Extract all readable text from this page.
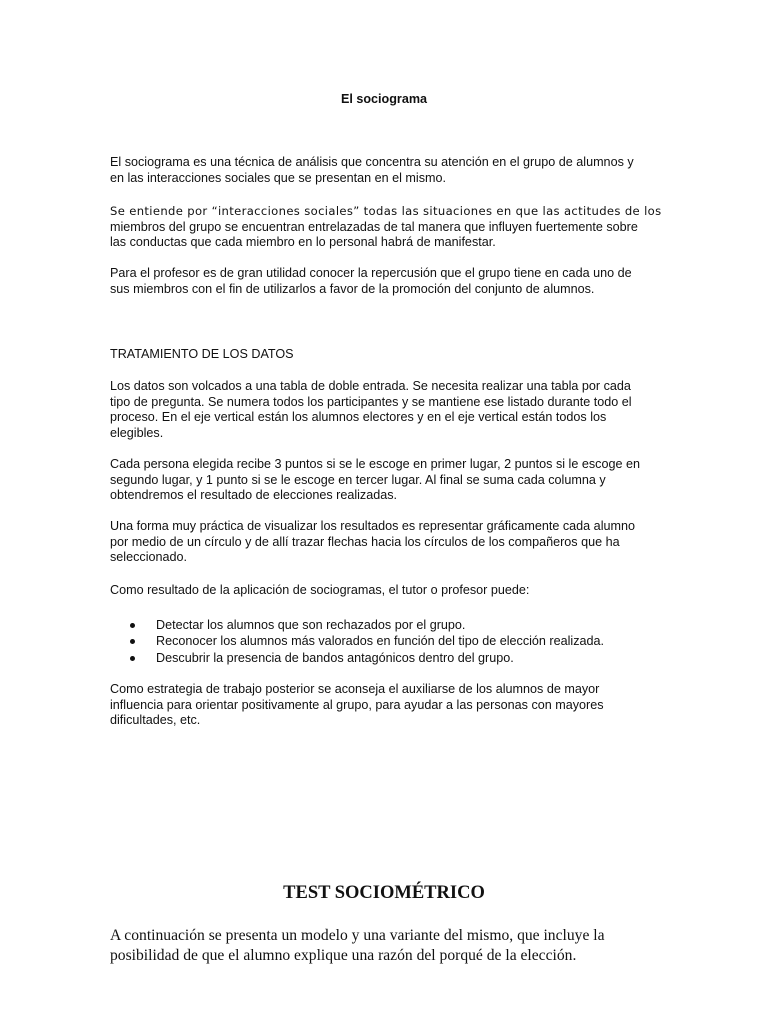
El sociograma

El sociograma es una técnica de análisis que concentra su atención en el grupo de alumnos y
en las interacciones sociales que se presentan en el mismo.

Se entiende por “interacciones sociales” todas las situaciones en que las actitudes de los
miembros del grupo se encuentran entrelazadas de tal manera que influyen fuertemente sobre
las conductas que cada miembro en lo personal habrá de manifestar.

Para el profesor es de gran utilidad conocer la repercusión que el grupo tiene en cada uno de
sus miembros con el fin de utilizarlos a favor de la promoción del conjunto de alumnos.

TRATAMIENTO DE LOS DATOS

Los datos son volcados a una tabla de doble entrada. Se necesita realizar una tabla por cada
tipo de pregunta. Se numera todos los participantes y se mantiene ese listado durante todo el
proceso. En el eje vertical están los alumnos electores y en el eje vertical están todos los
elegibles.

Cada persona elegida recibe 3 puntos si se le escoge en primer lugar, 2 puntos si le escoge en
segundo lugar, y 1 punto si se le escoge en tercer lugar. Al final se suma cada columna y
obtendremos el resultado de elecciones realizadas.

Una forma muy práctica de visualizar los resultados es representar gráficamente cada alumno
por medio de un círculo y de allí trazar flechas hacia los círculos de los compañeros que ha
seleccionado.

Como resultado de la aplicación de sociogramas, el tutor o profesor puede:

Detectar los alumnos que son rechazados por el grupo.
Reconocer los alumnos más valorados en función del tipo de elección realizada.
Descubrir la presencia de bandos antagónicos dentro del grupo.

Como estrategia de trabajo posterior se aconseja el auxiliarse de los alumnos de mayor
influencia para orientar positivamente al grupo, para ayudar a las personas con mayores
dificultades, etc.

TEST SOCIOMÉTRICO
A continuación se presenta un modelo y una variante del mismo, que incluye la
posibilidad de que el alumno explique una razón del porqué de la elección.
